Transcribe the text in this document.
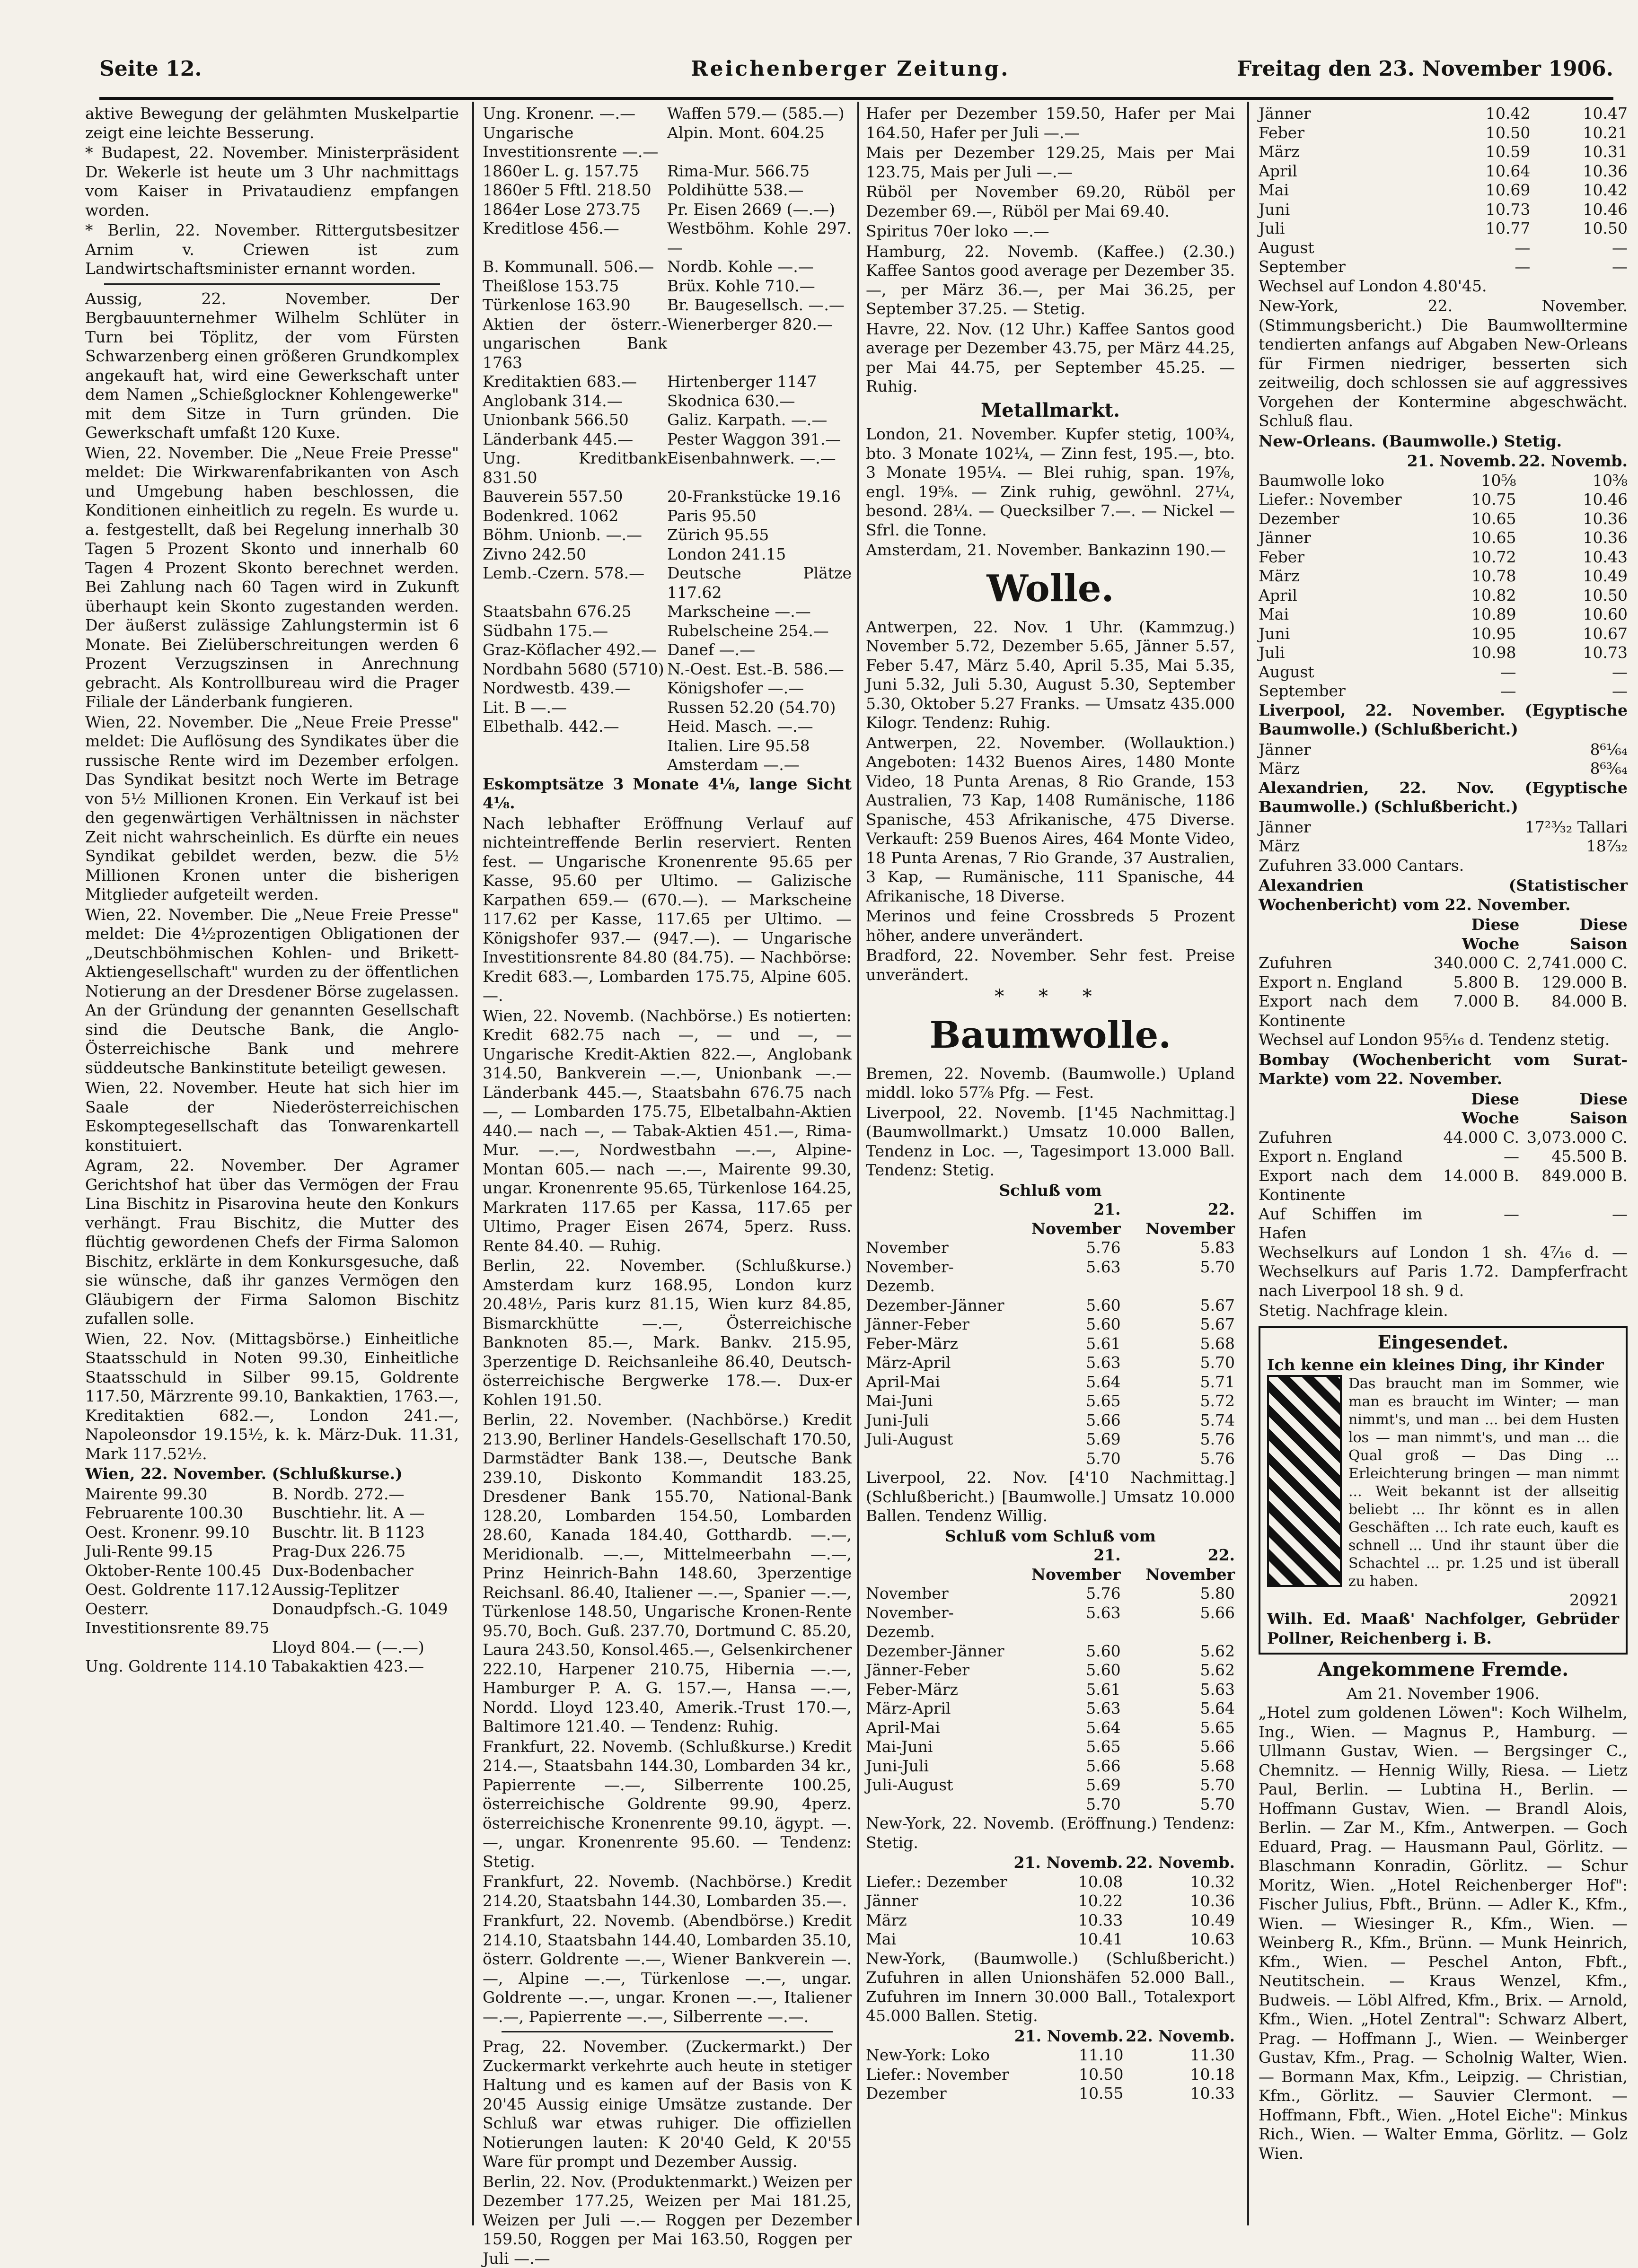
Seite 12.	Reichenberger Zeitung.	Freitag den 23. November 1906.

aktive Bewegung der gelähmten Muskelpartie zeigt eine leichte Besserung.

* Budapest, 22. November. Ministerpräsident Dr. Wekerle ist heute um 3 Uhr nachmittags vom Kaiser in Privataudienz empfangen worden.

* Berlin, 22. November. Rittergutsbesitzer Arnim v. Criewen ist zum Landwirtschaftsminister ernannt worden.

Aussig, 22. November. Der Bergbauunternehmer Wilhelm Schlüter in Turn bei Töplitz, der vom Fürsten Schwarzenberg einen größeren Grundkomplex angekauft hat, wird eine Gewerkschaft unter dem Namen „Schießglockner Kohlengewerke" mit dem Sitze in Turn gründen. Die Gewerkschaft umfaßt 120 Kuxe.

Wien, 22. November. Die „Neue Freie Presse" meldet: Die Wirkwarenfabrikanten von Asch und Umgebung haben beschlossen, die Konditionen einheitlich zu regeln. Es wurde u. a. festgestellt, daß bei Regelung innerhalb 30 Tagen 5 Prozent Skonto und innerhalb 60 Tagen 4 Prozent Skonto berechnet werden. Bei Zahlung nach 60 Tagen wird in Zukunft überhaupt kein Skonto zugestanden werden. Der äußerst zulässige Zahlungstermin ist 6 Monate. Bei Zielüberschreitungen werden 6 Prozent Verzugszinsen in Anrechnung gebracht. Als Kontrollbureau wird die Prager Filiale der Länderbank fungieren.

Wien, 22. November. Die „Neue Freie Presse" meldet: Die Auflösung des Syndikates über die russische Rente wird im Dezember erfolgen. Das Syndikat besitzt noch Werte im Betrage von 5½ Millionen Kronen. Ein Verkauf ist bei den gegenwärtigen Verhältnissen in nächster Zeit nicht wahrscheinlich. Es dürfte ein neues Syndikat gebildet werden, bezw. die 5½ Millionen Kronen unter die bisherigen Mitglieder aufgeteilt werden.

Wien, 22. November. Die „Neue Freie Presse" meldet: Die 4½prozentigen Obligationen der „Deutschböhmischen Kohlen- und Brikett-Aktiengesellschaft" wurden zu der öffentlichen Notierung an der Dresdener Börse zugelassen. An der Gründung der genannten Gesellschaft sind die Deutsche Bank, die Anglo-Österreichische Bank und mehrere süddeutsche Bankinstitute beteiligt gewesen.

Wien, 22. November. Heute hat sich hier im Saale der Niederösterreichischen Eskomptegesellschaft das Tonwarenkartell konstituiert.

Agram, 22. November. Der Agramer Gerichtshof hat über das Vermögen der Frau Lina Bischitz in Pisarovina heute den Konkurs verhängt. Frau Bischitz, die Mutter des flüchtig gewordenen Chefs der Firma Salomon Bischitz, erklärte in dem Konkursgesuche, daß sie wünsche, daß ihr ganzes Vermögen den Gläubigern der Firma Salomon Bischitz zufallen solle.

Wien, 22. Nov. (Mittagsbörse.) Einheitliche Staatsschuld in Noten 99.30, Einheitliche Staatsschuld in Silber 99.15, Goldrente 117.50, Märzrente 99.10, Bankaktien, 1763.—, Kreditaktien 682.—, London 241.—, Napoleonsdor 19.15½, k. k. März-Duk. 11.31, Mark 117.52½.

Wien, 22. November. (Schlußkurse.)

Mairente 99.30	B. Nordb. 272.—
Februarente 100.30	Buschtiehr. lit. A —
Oest. Kronenr. 99.10	Buschtr. lit. B 1123
Juli-Rente 99.15	Prag-Dux 226.75
Oktober-Rente 100.45	Dux-Bodenbacher
Oest. Goldrente 117.12	Aussig-Teplitzer
Oesterr. Investitionsrente 89.75	Donaudpfsch.-G. 1049
	Lloyd 804.— (—.—)
Ung. Goldrente 114.10	Tabakaktien 423.—
Ung. Kronenr. —.—	Waffen 579.— (585.—)
Ungarische Investitionsrente —.—	Alpin. Mont. 604.25
1860er L. g. 157.75	Rima-Mur. 566.75
1860er 5 Fftl. 218.50	Poldihütte 538.—
1864er Lose 273.75	Pr. Eisen 2669 (—.—)
Kreditlose 456.—	Westböhm. Kohle 297.—
B. Kommunall. 506.—	Nordb. Kohle —.—
Theißlose 153.75	Brüx. Kohle 710.—
Türkenlose 163.90	Br. Baugesellsch. —.—
Aktien der österr.-ungarischen Bank 1763	Wienerberger 820.—
Kreditaktien 683.—	Hirtenberger 1147
Anglobank 314.—	Skodnica 630.—
Unionbank 566.50	Galiz. Karpath. —.—
Länderbank 445.—	Pester Waggon 391.—
Ung. Kreditbank 831.50	Eisenbahnwerk. —.—
Bauverein 557.50	20-Frankstücke 19.16
Bodenkred. 1062	Paris 95.50
Böhm. Unionb. —.—	Zürich 95.55
Zivno 242.50	London 241.15
Lemb.-Czern. 578.—	Deutsche Plätze 117.62
Staatsbahn 676.25	Markscheine —.—
Südbahn 175.—	Rubelscheine 254.—
Graz-Köflacher 492.—	Danef —.—
Nordbahn 5680 (5710)	N.-Oest. Est.-B. 586.—
Nordwestb. 439.—	Königshofer —.—
Lit. B —.—	Russen 52.20 (54.70)
Elbethalb. 442.—	Heid. Masch. —.—
	Italien. Lire 95.58
	Amsterdam —.—

Eskomptsätze 3 Monate 4⅛, lange Sicht 4⅛.

Nach lebhafter Eröffnung Verlauf auf nichteintreffende Berlin reserviert. Renten fest. — Ungarische Kronenrente 95.65 per Kasse, 95.60 per Ultimo. — Galizische Karpathen 659.— (670.—). — Markscheine 117.62 per Kasse, 117.65 per Ultimo. — Königshofer 937.— (947.—). — Ungarische Investitionsrente 84.80 (84.75). — Nachbörse: Kredit 683.—, Lombarden 175.75, Alpine 605.—.

Wien, 22. Novemb. (Nachbörse.) Es notierten: Kredit 682.75 nach —, — und —, — Ungarische Kredit-Aktien 822.—, Anglobank 314.50, Bankverein —.—, Unionbank —.— Länderbank 445.—, Staatsbahn 676.75 nach —, — Lombarden 175.75, Elbetalbahn-Aktien 440.— nach —, — Tabak-Aktien 451.—, Rima-Mur. —.—, Nordwestbahn —.—, Alpine-Montan 605.— nach —.—, Mairente 99.30, ungar. Kronenrente 95.65, Türkenlose 164.25, Markraten 117.65 per Kassa, 117.65 per Ultimo, Prager Eisen 2674, 5perz. Russ. Rente 84.40. — Ruhig.

Berlin, 22. November. (Schlußkurse.) Amsterdam kurz 168.95, London kurz 20.48½, Paris kurz 81.15, Wien kurz 84.85, Bismarckhütte —.—, Österreichische Banknoten 85.—, Mark. Bankv. 215.95, 3perzentige D. Reichsanleihe 86.40, Deutsch-österreichische Bergwerke 178.—. Dux-er Kohlen 191.50.

Berlin, 22. November. (Nachbörse.) Kredit 213.90, Berliner Handels-Gesellschaft 170.50, Darmstädter Bank 138.—, Deutsche Bank 239.10, Diskonto Kommandit 183.25, Dresdener Bank 155.70, National-Bank 128.20, Lombarden 154.50, Lombarden 28.60, Kanada 184.40, Gotthardb. —.—, Meridionalb. —.—, Mittelmeerbahn —.—, Prinz Heinrich-Bahn 148.60, 3perzentige Reichsanl. 86.40, Italiener —.—, Spanier —.—, Türkenlose 148.50, Ungarische Kronen-Rente 95.70, Boch. Guß. 237.70, Dortmund C. 85.20, Laura 243.50, Konsol.465.—, Gelsenkirchener 222.10, Harpener 210.75, Hibernia —.—, Hamburger P. A. G. 157.—, Hansa —.—, Nordd. Lloyd 123.40, Amerik.-Trust 170.—, Baltimore 121.40. — Tendenz: Ruhig.

Frankfurt, 22. Novemb. (Schlußkurse.) Kredit 214.—, Staatsbahn 144.30, Lombarden 34 kr., Papierrente —.—, Silberrente 100.25, österreichische Goldrente 99.90, 4perz. österreichische Kronenrente 99.10, ägypt. —.—, ungar. Kronenrente 95.60. — Tendenz: Stetig.

Frankfurt, 22. Novemb. (Nachbörse.) Kredit 214.20, Staatsbahn 144.30, Lombarden 35.—.

Frankfurt, 22. Novemb. (Abendbörse.) Kredit 214.10, Staatsbahn 144.40, Lombarden 35.10, österr. Goldrente —.—, Wiener Bankverein —.—, Alpine —.—, Türkenlose —.—, ungar. Goldrente —.—, ungar. Kronen —.—, Italiener —.—, Papierrente —.—, Silberrente —.—.

Prag, 22. November. (Zuckermarkt.) Der Zuckermarkt verkehrte auch heute in stetiger Haltung und es kamen auf der Basis von K 20'45 Aussig einige Umsätze zustande. Der Schluß war etwas ruhiger. Die offiziellen Notierungen lauten: K 20'40 Geld, K 20'55 Ware für prompt und Dezember Aussig.

Berlin, 22. Nov. (Produktenmarkt.) Weizen per Dezember 177.25, Weizen per Mai 181.25, Weizen per Juli —.— Roggen per Dezember 159.50, Roggen per Mai 163.50, Roggen per Juli —.—

Hafer per Dezember 159.50, Hafer per Mai 164.50, Hafer per Juli —.—

Mais per Dezember 129.25, Mais per Mai 123.75, Mais per Juli —.—

Rüböl per November 69.20, Rüböl per Dezember 69.—, Rüböl per Mai 69.40.

Spiritus 70er loko —.—

Hamburg, 22. Novemb. (Kaffee.) (2.30.) Kaffee Santos good average per Dezember 35.—, per März 36.—, per Mai 36.25, per September 37.25. — Stetig.

Havre, 22. Nov. (12 Uhr.) Kaffee Santos good average per Dezember 43.75, per März 44.25, per Mai 44.75, per September 45.25. — Ruhig.

Metallmarkt.

London, 21. November. Kupfer stetig, 100¾, bto. 3 Monate 102¼, — Zinn fest, 195.—, bto. 3 Monate 195¼. — Blei ruhig, span. 19⅞, engl. 19⅝. — Zink ruhig, gewöhnl. 27¼, besond. 28¼. — Quecksilber 7.—. — Nickel — Sfrl. die Tonne.

Amsterdam, 21. November. Bankazinn 190.—

Wolle.

Antwerpen, 22. Nov. 1 Uhr. (Kammzug.) November 5.72, Dezember 5.65, Jänner 5.57, Feber 5.47, März 5.40, April 5.35, Mai 5.35, Juni 5.32, Juli 5.30, August 5.30, September 5.30, Oktober 5.27 Franks. — Umsatz 435.000 Kilogr. Tendenz: Ruhig.

Antwerpen, 22. November. (Wollauktion.) Angeboten: 1432 Buenos Aires, 1480 Monte Video, 18 Punta Arenas, 8 Rio Grande, 153 Australien, 73 Kap, 1408 Rumänische, 1186 Spanische, 453 Afrikanische, 475 Diverse. Verkauft: 259 Buenos Aires, 464 Monte Video, 18 Punta Arenas, 7 Rio Grande, 37 Australien, 3 Kap, — Rumänische, 111 Spanische, 44 Afrikanische, 18 Diverse.

Merinos und feine Crossbreds 5 Prozent höher, andere unverändert.

Bradford, 22. November. Sehr fest. Preise unverändert.

* * *
Baumwolle.

Bremen, 22. Novemb. (Baumwolle.) Upland middl. loko 57⅞ Pfg. — Fest.

Liverpool, 22. Novemb. [1'45 Nachmittag.] (Baumwollmarkt.) Umsatz 10.000 Ballen, Tendenz in Loc. —, Tagesimport 13.000 Ball. Tendenz: Stetig.

Schluß vom
	21. November	22. November
November	5.76	5.83
November-Dezemb.	5.63	5.70
Dezember-Jänner	5.60	5.67
Jänner-Feber	5.60	5.67
Feber-März	5.61	5.68
März-April	5.63	5.70
April-Mai	5.64	5.71
Mai-Juni	5.65	5.72
Juni-Juli	5.66	5.74
Juli-August	5.69	5.76
	5.70	5.76

Liverpool, 22. Nov. [4'10 Nachmittag.] (Schlußbericht.) [Baumwolle.] Umsatz 10.000 Ballen. Tendenz Willig.

Schluß vom Schluß vom
	21. November	22. November
November	5.76	5.80
November-Dezemb.	5.63	5.66
Dezember-Jänner	5.60	5.62
Jänner-Feber	5.60	5.62
Feber-März	5.61	5.63
März-April	5.63	5.64
April-Mai	5.64	5.65
Mai-Juni	5.65	5.66
Juni-Juli	5.66	5.68
Juli-August	5.69	5.70
	5.70	5.70

New-York, 22. Novemb. (Eröffnung.) Tendenz: Stetig.

	21. Novemb.	22. Novemb.
Liefer.: Dezember	10.08	10.32
Jänner	10.22	10.36
März	10.33	10.49
Mai	10.41	10.63

New-York, (Baumwolle.) (Schlußbericht.) Zufuhren in allen Unionshäfen 52.000 Ball., Zufuhren im Innern 30.000 Ball., Totalexport 45.000 Ballen. Stetig.

	21. Novemb.	22. Novemb.
New-York: Loko	11.10	11.30
Liefer.: November	10.50	10.18
Dezember	10.55	10.33
Jänner	10.42	10.47
Feber	10.50	10.21
März	10.59	10.31
April	10.64	10.36
Mai	10.69	10.42
Juni	10.73	10.46
Juli	10.77	10.50
August	—	—
September	—	—

Wechsel auf London 4.80'45.

New-York, 22. November. (Stimmungsbericht.) Die Baumwollterminе tendierten anfangs auf Abgaben New-Orleans für Firmen niedriger, besserten sich zeitweilig, doch schlossen sie auf aggressives Vorgehen der Konterminе abgeschwächt. Schluß flau.

New-Orleans. (Baumwolle.) Stetig.

	21. Novemb.	22. Novemb.
Baumwolle loko	10⅝	10⅜
Liefer.: November	10.75	10.46
Dezember	10.65	10.36
Jänner	10.65	10.36
Feber	10.72	10.43
März	10.78	10.49
April	10.82	10.50
Mai	10.89	10.60
Juni	10.95	10.67
Juli	10.98	10.73
August	—	—
September	—	—

Liverpool, 22. November. (Egyptische Baumwolle.) (Schlußbericht.)

Jänner	8⁶¹⁄₆₄
März	8⁶³⁄₆₄

Alexandrien, 22. Nov. (Egyptische Baumwolle.) (Schlußbericht.)

Jänner	17²³⁄₃₂ Tallari
März	18⁷⁄₃₂

Zufuhren 33.000 Cantars.

Alexandrien (Statistischer Wochenbericht) vom 22. November.

	Diese Woche	Diese Saison
Zufuhren	340.000 C.	2,741.000 C.
Export n. England	5.800 B.	129.000 B.
Export nach dem Kontinente	7.000 B.	84.000 B.

Wechsel auf London 95⁵⁄₁₆ d. Tendenz stetig.

Bombay (Wochenbericht vom Surat-Markte) vom 22. November.

	Diese Woche	Diese Saison
Zufuhren	44.000 C.	3,073.000 C.
Export n. England	—	45.500 B.
Export nach dem Kontinente	14.000 B.	849.000 B.
Auf Schiffen im Hafen	—	—

Wechselkurs auf London 1 sh. 4⁷⁄₁₆ d. — Wechselkurs auf Paris 1.72. Dampferfracht nach Liverpool 18 sh. 9 d.

Stetig. Nachfrage klein.

Eingesendet.
Ich kenne ein kleines Ding, ihr Kinder
Das braucht man im Sommer, wie man es braucht im Winter; — man nimmt's, und man ... bei dem Husten los — man nimmt's, und man ... die Qual groß — Das Ding ... Erleichterung bringen — man nimmt ... Weit bekannt ist der allseitig beliebt ... Ihr könnt es in allen Geschäften ... Ich rate euch, kauft es schnell ... Und ihr staunt über die Schachtel ... pr. 1.25 und ist überall zu haben.
20921
Wilh. Ed. Maaß' Nachfolger, Gebrüder Pollner, Reichenberg i. B.
Angekommene Fremde.
Am 21. November 1906.

„Hotel zum goldenen Löwen": Koch Wilhelm, Ing., Wien. — Magnus P., Hamburg. — Ullmann Gustav, Wien. — Bergsinger C., Chemnitz. — Hennig Willy, Riesa. — Lietz Paul, Berlin. — Lubtina H., Berlin. — Hoffmann Gustav, Wien. — Brandl Alois, Berlin. — Zar M., Kfm., Antwerpen. — Goch Eduard, Prag. — Hausmann Paul, Görlitz. — Blaschmann Konradin, Görlitz. — Schur Moritz, Wien. „Hotel Reichenberger Hof": Fischer Julius, Fbft., Brünn. — Adler K., Kfm., Wien. — Wiesinger R., Kfm., Wien. — Weinberg R., Kfm., Brünn. — Munk Heinrich, Kfm., Wien. — Peschel Anton, Fbft., Neutitschein. — Kraus Wenzel, Kfm., Budweis. — Löbl Alfred, Kfm., Brix. — Arnold, Kfm., Wien. „Hotel Zentral": Schwarz Albert, Prag. — Hoffmann J., Wien. — Weinberger Gustav, Kfm., Prag. — Scholnig Walter, Wien. — Bormann Max, Kfm., Leipzig. — Christian, Kfm., Görlitz. — Sauvier Clermont. — Hoffmann, Fbft., Wien. „Hotel Eiche": Minkus Rich., Wien. — Walter Emma, Görlitz. — Golz Wien.
